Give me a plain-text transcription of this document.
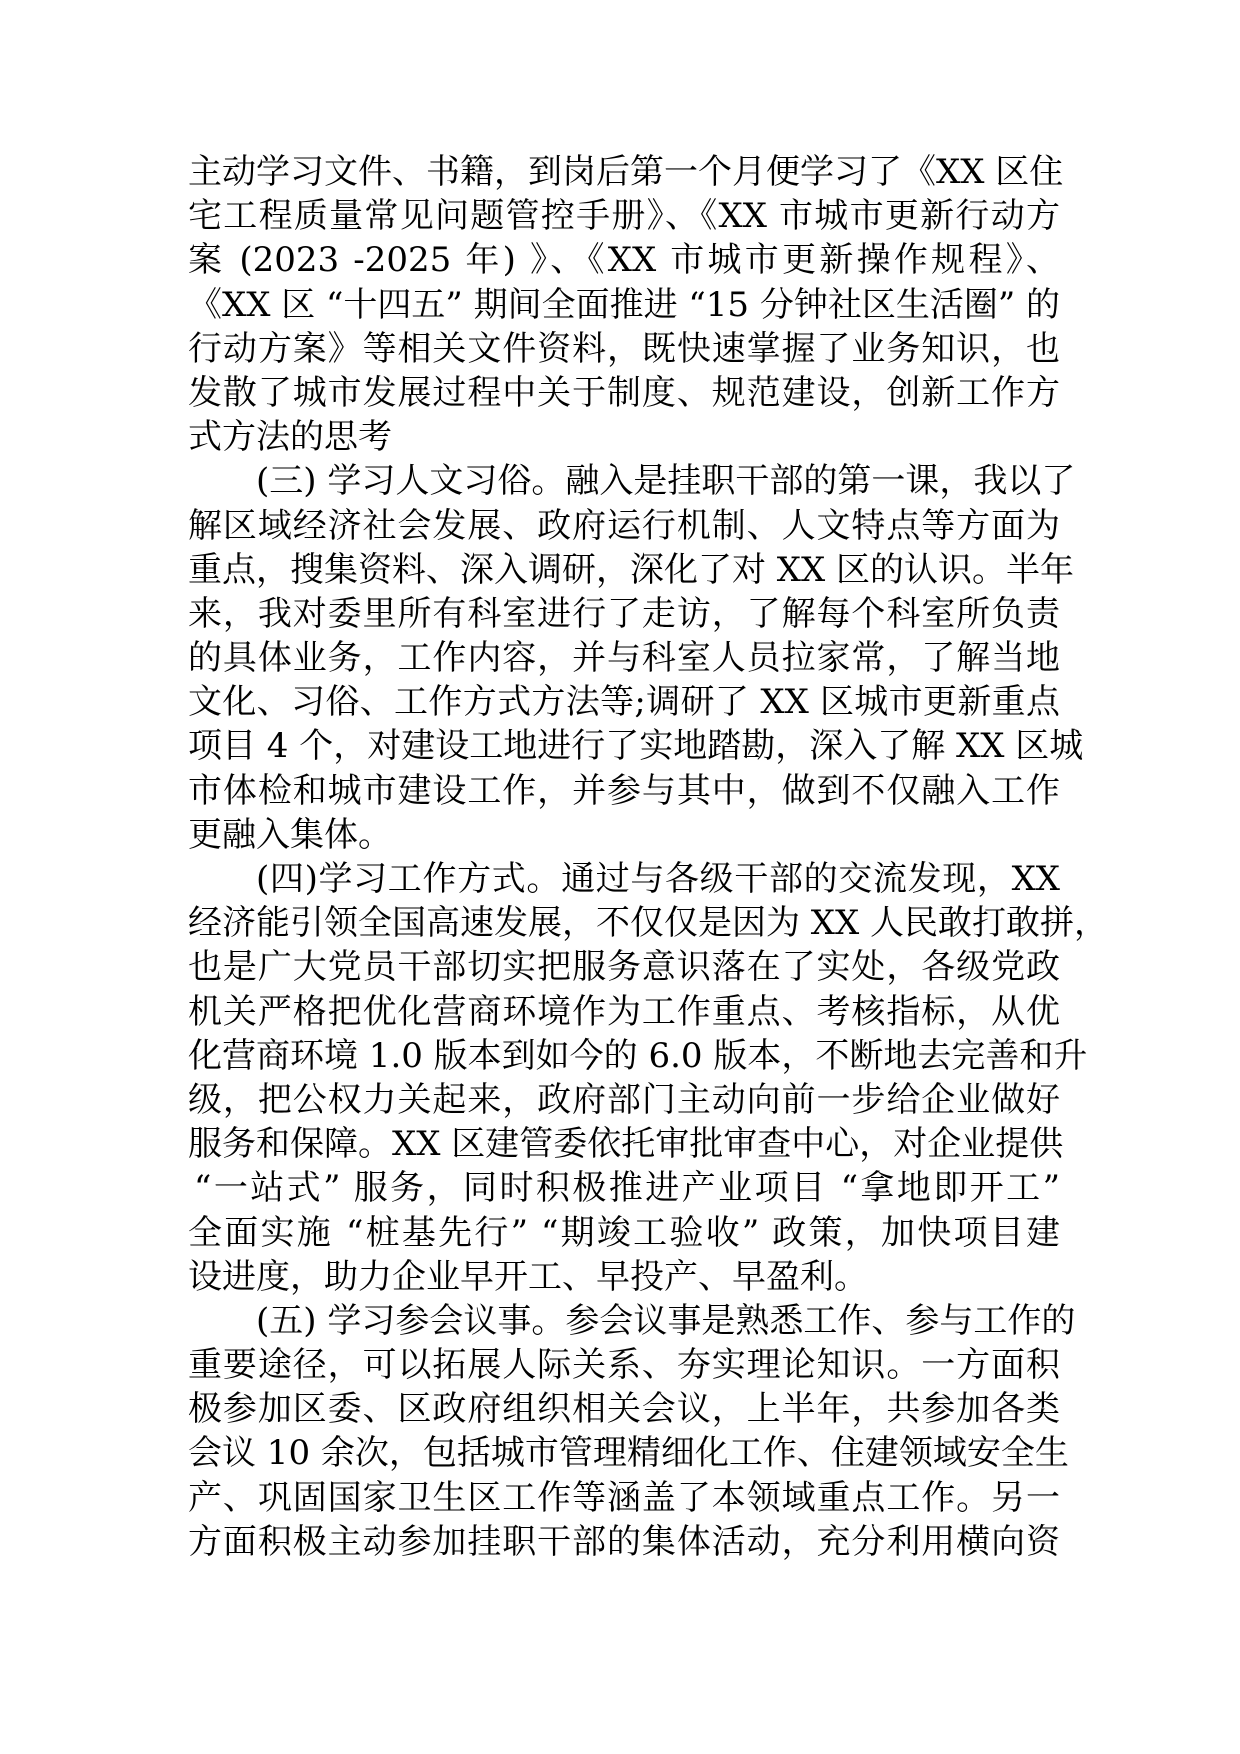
主动学习文件、书籍，到岗后第一个月便学习了《XX 区住
宅工程质量常见问题管控手册》、《XX 市城市更新行动方
案 (2023 -2025 年) 》、《XX 市城市更新操作规程》、
《XX 区 “十四五” 期间全面推进 “15 分钟社区生活圈” 的
行动方案》等相关文件资料，既快速掌握了业务知识，也
发散了城市发展过程中关于制度、规范建设，创新工作方
式方法的思考
(三) 学习人文习俗。融入是挂职干部的第一课，我以了
解区域经济社会发展、政府运行机制、人文特点等方面为
重点，搜集资料、深入调研，深化了对 XX 区的认识。半年
来，我对委里所有科室进行了走访，了解每个科室所负责
的具体业务，工作内容，并与科室人员拉家常，了解当地
文化、习俗、工作方式方法等;调研了 XX 区城市更新重点
项目 4 个，对建设工地进行了实地踏勘，深入了解 XX 区城
市体检和城市建设工作，并参与其中，做到不仅融入工作
更融入集体。
(四)学习工作方式。通过与各级干部的交流发现，XX
经济能引领全国高速发展，不仅仅是因为 XX 人民敢打敢拼，
也是广大党员干部切实把服务意识落在了实处，各级党政
机关严格把优化营商环境作为工作重点、考核指标，从优
化营商环境 1.0 版本到如今的 6.0 版本，不断地去完善和升
级，把公权力关起来，政府部门主动向前一步给企业做好
服务和保障。XX 区建管委依托审批审查中心，对企业提供
“一站式” 服务，同时积极推进产业项目 “拿地即开工”
全面实施 “桩基先行” “期竣工验收” 政策，加快项目建
设进度，助力企业早开工、早投产、早盈利。
(五) 学习参会议事。参会议事是熟悉工作、参与工作的
重要途径，可以拓展人际关系、夯实理论知识。一方面积
极参加区委、区政府组织相关会议，上半年，共参加各类
会议 10 余次，包括城市管理精细化工作、住建领域安全生
产、巩固国家卫生区工作等涵盖了本领域重点工作。另一
方面积极主动参加挂职干部的集体活动，充分利用横向资
